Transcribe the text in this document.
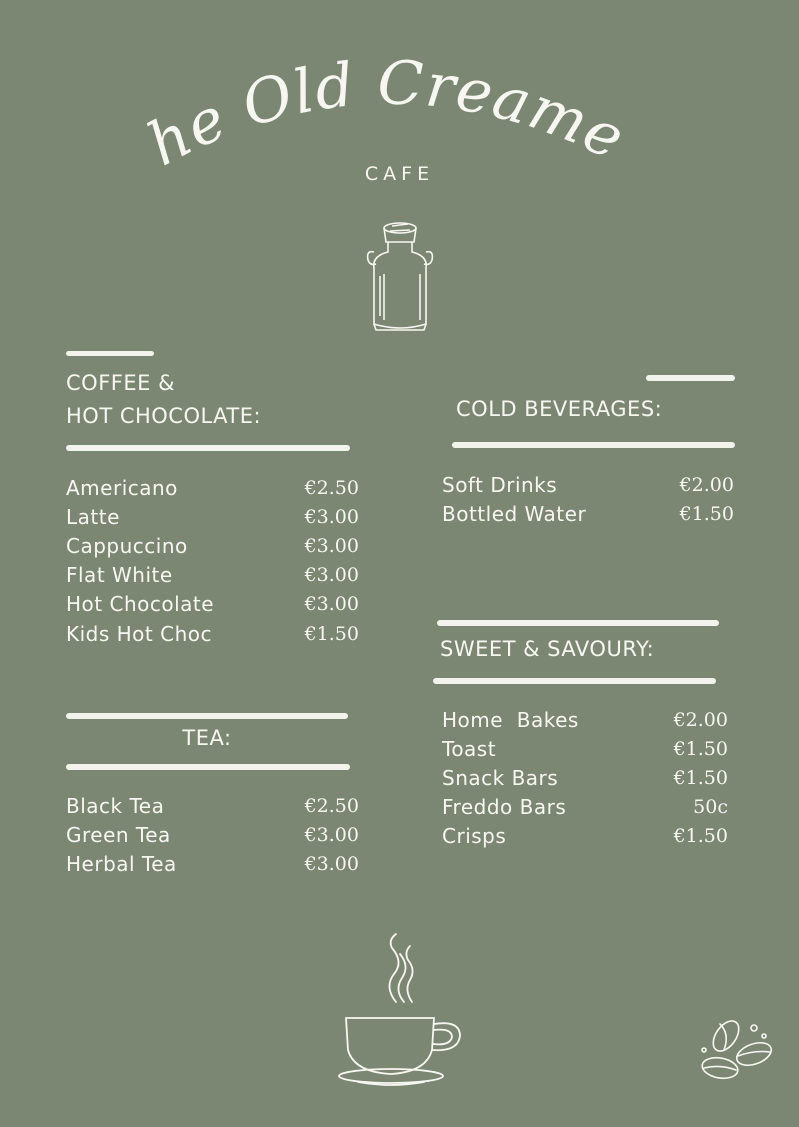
The Old Creamery
CAFE
COFFEE &
HOT CHOCOLATE:
Americano	€2.50
Latte	€3.00
Cappuccino	€3.00
Flat White	€3.00
Hot Chocolate	€3.00
Kids Hot Choc	€1.50
TEA:
Black Tea	€2.50
Green Tea	€3.00
Herbal Tea	€3.00
COLD BEVERAGES:
Soft Drinks	€2.00
Bottled Water	€1.50
SWEET & SAVOURY:
Home  Bakes	€2.00
Toast	€1.50
Snack Bars	€1.50
Freddo Bars	50c
Crisps	€1.50
